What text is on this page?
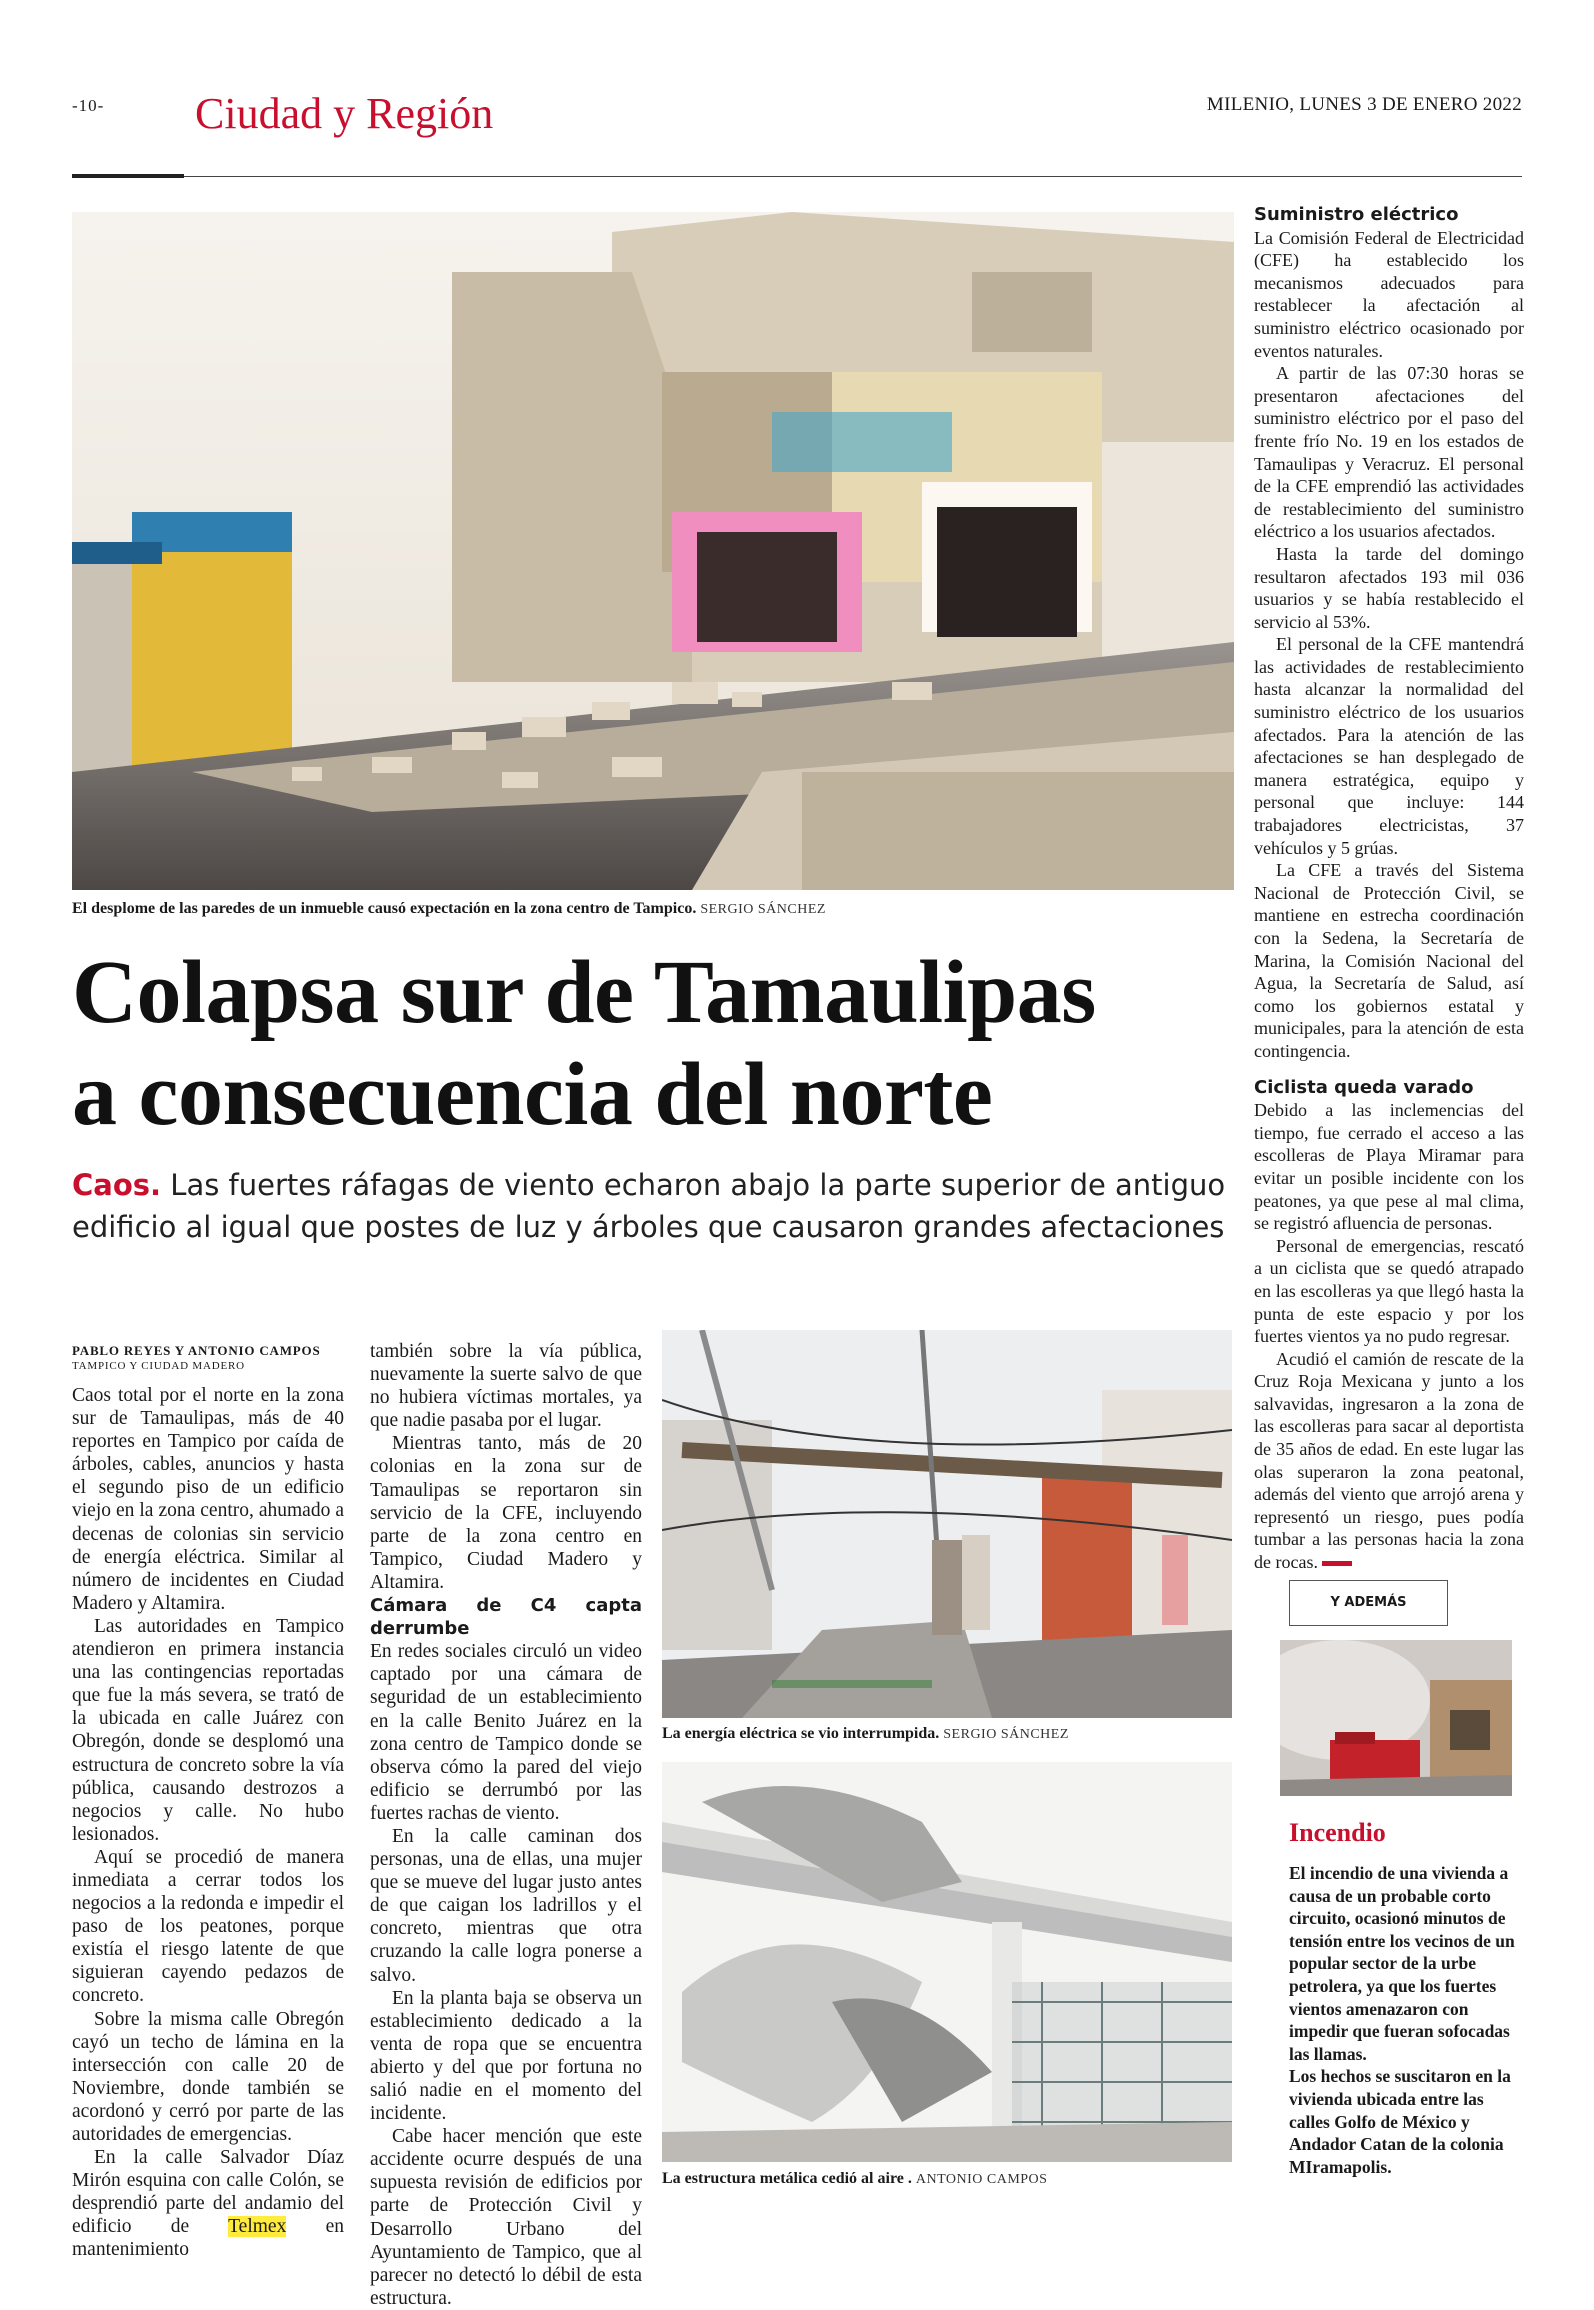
-10- Ciudad y Región	MILENIO, LUNES 3 DE ENERO 2022
El desplome de las paredes de un inmueble causó expectación en la zona centro de Tampico. SERGIO SÁNCHEZ
Colapsa sur de Tamaulipas
a consecuencia del norte
Caos. Las fuertes ráfagas de viento echaron abajo la parte superior de antiguo edificio al igual que postes de luz y árboles que causaron grandes afectaciones
PABLO REYES Y ANTONIO CAMPOS
TAMPICO Y CIUDAD MADERO

Caos total por el norte en la zona sur de Tamaulipas, más de 40 reportes en Tampico por caída de árboles, cables, anuncios y hasta el segundo piso de un edificio viejo en la zona centro, ahumado a decenas de colonias sin servicio de energía eléctrica. Similar al número de incidentes en Ciudad Madero y Altamira.

Las autoridades en Tampico atendieron en primera instancia una las contingencias reportadas que fue la más severa, se trató de la ubicada en calle Juárez con Obregón, donde se desplomó una estructura de concreto sobre la vía pública, causando destrozos a negocios y calle. No hubo lesionados.

Aquí se procedió de manera inmediata a cerrar todos los negocios a la redonda e impedir el paso de los peatones, porque existía el riesgo latente de que siguieran cayendo pedazos de concreto.

Sobre la misma calle Obregón cayó un techo de lámina en la intersección con calle 20 de Noviembre, donde también se acordonó y cerró por parte de las autoridades de emergencias.

En la calle Salvador Díaz Mirón esquina con calle Colón, se desprendió parte del andamio del edificio de Telmex en mantenimiento

también sobre la vía pública, nuevamente la suerte salvo de que no hubiera víctimas mortales, ya que nadie pasaba por el lugar.

Mientras tanto, más de 20 colonias en la zona sur de Tamaulipas se reportaron sin servicio de la CFE, incluyendo parte de la zona centro en Tampico, Ciudad Madero y Altamira.

Cámara de C4 capta derrumbe

En redes sociales circuló un video captado por una cámara de seguridad de un establecimiento en la calle Benito Juárez en la zona centro de Tampico donde se observa cómo la pared del viejo edificio se derrumbó por las fuertes rachas de viento.

En la calle caminan dos personas, una de ellas, una mujer que se mueve del lugar justo antes de que caigan los ladrillos y el concreto, mientras que otra cruzando la calle logra ponerse a salvo.

En la planta baja se observa un establecimiento dedicado a la venta de ropa que se encuentra abierto y del que por fortuna no salió nadie en el momento del incidente.

Cabe hacer mención que este accidente ocurre después de una supuesta revisión de edificios por parte de Protección Civil y Desarrollo Urbano del Ayuntamiento de Tampico, que al parecer no detectó lo débil de esta estructura.

La energía eléctrica se vio interrumpida. SERGIO SÁNCHEZ
La estructura metálica cedió al aire . ANTONIO CAMPOS

Suministro eléctrico

La Comisión Federal de Electricidad (CFE) ha establecido los mecanismos adecuados para restablecer la afectación al suministro eléctrico ocasionado por eventos naturales.

A partir de las 07:30 horas se presentaron afectaciones del suministro eléctrico por el paso del frente frío No. 19 en los estados de Tamaulipas y Veracruz. El personal de la CFE emprendió las actividades de restablecimiento del suministro eléctrico a los usuarios afectados.

Hasta la tarde del domingo resultaron afectados 193 mil 036 usuarios y se había restablecido el servicio al 53%.

El personal de la CFE mantendrá las actividades de restablecimiento hasta alcanzar la normalidad del suministro eléctrico de los usuarios afectados. Para la atención de las afectaciones se han desplegado de manera estratégica, equipo y personal que incluye: 144 trabajadores electricistas, 37 vehículos y 5 grúas.

La CFE a través del Sistema Nacional de Protección Civil, se mantiene en estrecha coordinación con la Sedena, la Secretaría de Marina, la Comisión Nacional del Agua, la Secretaría de Salud, así como los gobiernos estatal y municipales, para la atención de esta contingencia.

Ciclista queda varado

Debido a las inclemencias del tiempo, fue cerrado el acceso a las escolleras de Playa Miramar para evitar un posible incidente con los peatones, ya que pese al mal clima, se registró afluencia de personas.

Personal de emergencias, rescató a un ciclista que se quedó atrapado en las escolleras ya que llegó hasta la punta de este espacio y por los fuertes vientos ya no pudo regresar.

Acudió el camión de rescate de la Cruz Roja Mexicana y junto a los salvavidas, ingresaron a la zona de las escolleras para sacar al deportista de 35 años de edad. En este lugar las olas superaron la zona peatonal, además del viento que arrojó arena y representó un riesgo, pues podía tumbar a las personas hacia la zona de rocas.

Y ADEMÁS
Incendio
El incendio de una vivienda a causa de un probable corto circuito, ocasionó minutos de tensión entre los vecinos de un popular sector de la urbe petrolera, ya que los fuertes vientos amenazaron con impedir que fueran sofocadas las llamas.
Los hechos se suscitaron en la vivienda ubicada entre las calles Golfo de México y Andador Catan de la colonia MIramapolis.
